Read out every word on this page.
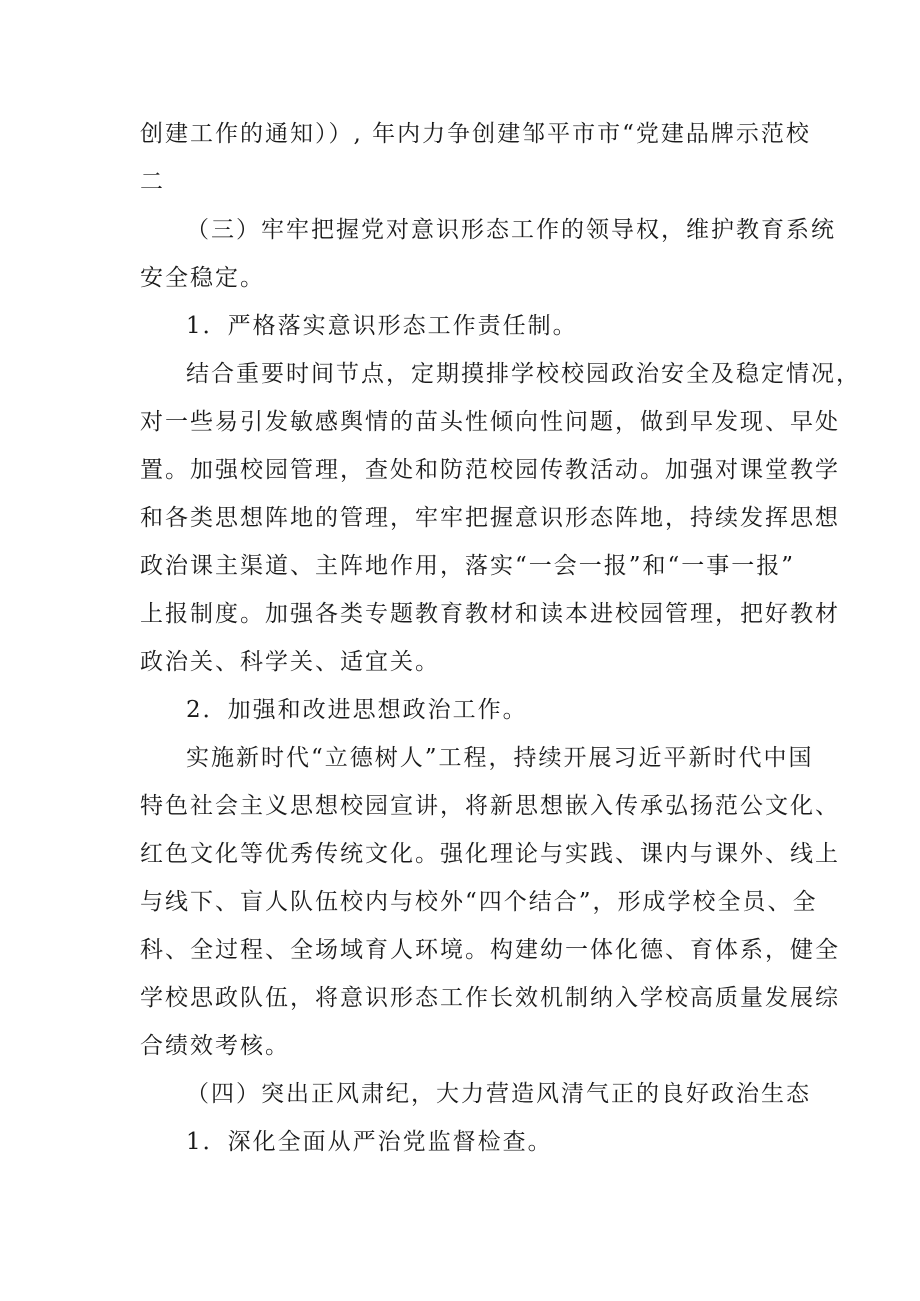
创建工作的通知））, 年内力争创建邹平市市“党建品牌示范校
二
（三）牢牢把握党对意识形态工作的领导权，维护教育系统
安全稳定。
1．严格落实意识形态工作责任制。
结合重要时间节点，定期摸排学校校园政治安全及稳定情况，
对一些易引发敏感舆情的苗头性倾向性问题，做到早发现、早处
置。加强校园管理，查处和防范校园传教活动。加强对课堂教学
和各类思想阵地的管理，牢牢把握意识形态阵地，持续发挥思想
政治课主渠道、主阵地作用，落实“一会一报”和“一事一报”
上报制度。加强各类专题教育教材和读本进校园管理，把好教材
政治关、科学关、适宜关。
2．加强和改进思想政治工作。
实施新时代“立德树人”工程，持续开展习近平新时代中国
特色社会主义思想校园宣讲，将新思想嵌入传承弘扬范公文化、
红色文化等优秀传统文化。强化理论与实践、课内与课外、线上
与线下、盲人队伍校内与校外“四个结合”，形成学校全员、全
科、全过程、全场域育人环境。构建幼一体化德、育体系，健全
学校思政队伍，将意识形态工作长效机制纳入学校高质量发展综
合绩效考核。
（四）突出正风肃纪，大力营造风清气正的良好政治生态
1．深化全面从严治党监督检查。
